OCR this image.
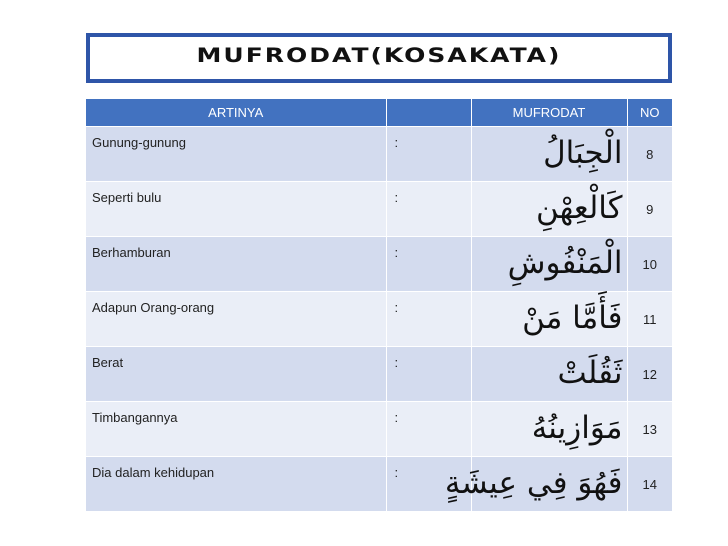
MUFRODAT(KOSAKATA)
ARTINYA		MUFRODAT	NO
Gunung-gunung	:	الْجِبَالُ	8
Seperti bulu	:	كَالْعِهْنِ	9
Berhamburan	:	الْمَنْفُوشِ	10
Adapun Orang-orang	:	فَأَمَّا مَنْ	11
Berat	:	ثَقُلَتْ	12
Timbangannya	:	مَوَازِينُهُ	13
Dia dalam kehidupan	:	فَهُوَ فِي عِيشَةٍ	14
